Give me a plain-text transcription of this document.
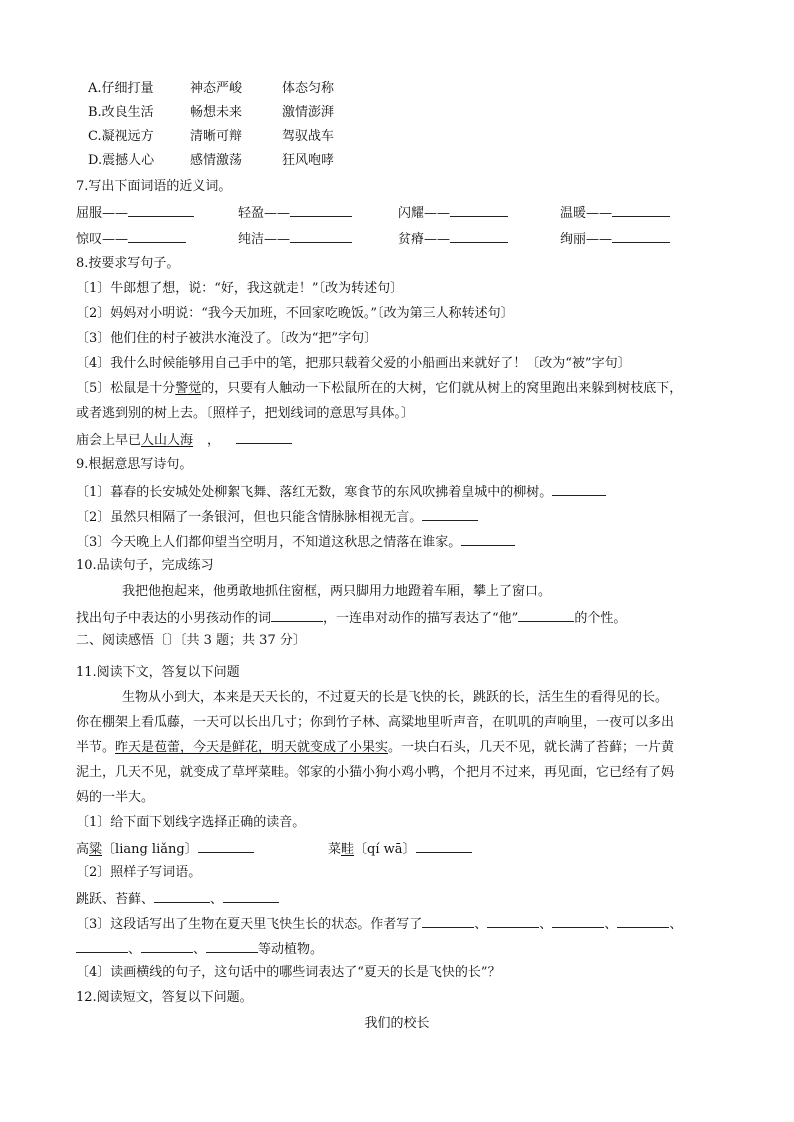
A.仔细打量	神态严峻	体态匀称
B.改良生活	畅想未来	激情澎湃
C.凝视远方	清晰可辩	驾驭战车
D.震撼人心	感情激荡	狂风咆哮
7.写出下面词语的近义词。
屈服——	轻盈——	闪耀——	温暖——
惊叹——	纯洁——	贫瘠——	绚丽——
8.按要求写句子。
〔1〕牛郎想了想，说：“好，我这就走！”〔改为转述句〕
〔2〕妈妈对小明说：“我今天加班，不回家吃晚饭。”〔改为第三人称转述句〕
〔3〕他们住的村子被洪水淹没了。〔改为“把”字句〕
〔4〕我什么时候能够用自己手中的笔，把那只载着父爱的小船画出来就好了！〔改为“被”字句〕
〔5〕松鼠是十分警觉的，只要有人触动一下松鼠所在的大树，它们就从树上的窝里跑出来躲到树枝底下，
或者逃到别的树上去。〔照样子，把划线词的意思写具体。〕
庙会上早已人山人海 ，
9.根据意思写诗句。
〔1〕暮春的长安城处处柳絮飞舞、落红无数，寒食节的东风吹拂着皇城中的柳树。
〔2〕虽然只相隔了一条银河，但也只能含情脉脉相视无言。
〔3〕今天晚上人们都仰望当空明月，不知道这秋思之情落在谁家。
10.品读句子，完成练习
我把他抱起来，他勇敢地抓住窗框，两只脚用力地蹬着车厢，攀上了窗口。
找出句子中表达的小男孩动作的词	，一连串对动作的描写表达了“他”	的个性。
二、阅读感悟〔〕〔共 3 题；共 37 分〕
11.阅读下文，答复以下问题
生物从小到大，本来是天天长的，不过夏天的长是飞快的长，跳跃的长，活生生的看得见的长。
你在棚架上看瓜藤，一天可以长出几寸；你到竹子林、高粱地里听声音，在叽叽的声响里，一夜可以多出
半节。昨天是苞蕾，今天是鲜花，明天就变成了小果实。一块白石头，几天不见，就长满了苔藓；一片黄
泥土，几天不见，就变成了草坪菜畦。邻家的小猫小狗小鸡小鸭，个把月不过来，再见面，它已经有了妈
妈的一半大。
〔1〕给下面下划线字选择正确的读音。
高粱〔liang liǎng〕	菜畦〔qí wā〕
〔2〕照样子写词语。
跳跃、苔藓、	、
〔3〕这段话写出了生物在夏天里飞快生长的状态。作者写了	、	、	、	、
、	、	等动植物。
〔4〕读画横线的句子，这句话中的哪些词表达了“夏天的长是飞快的长”？
12.阅读短文，答复以下问题。
我们的校长
